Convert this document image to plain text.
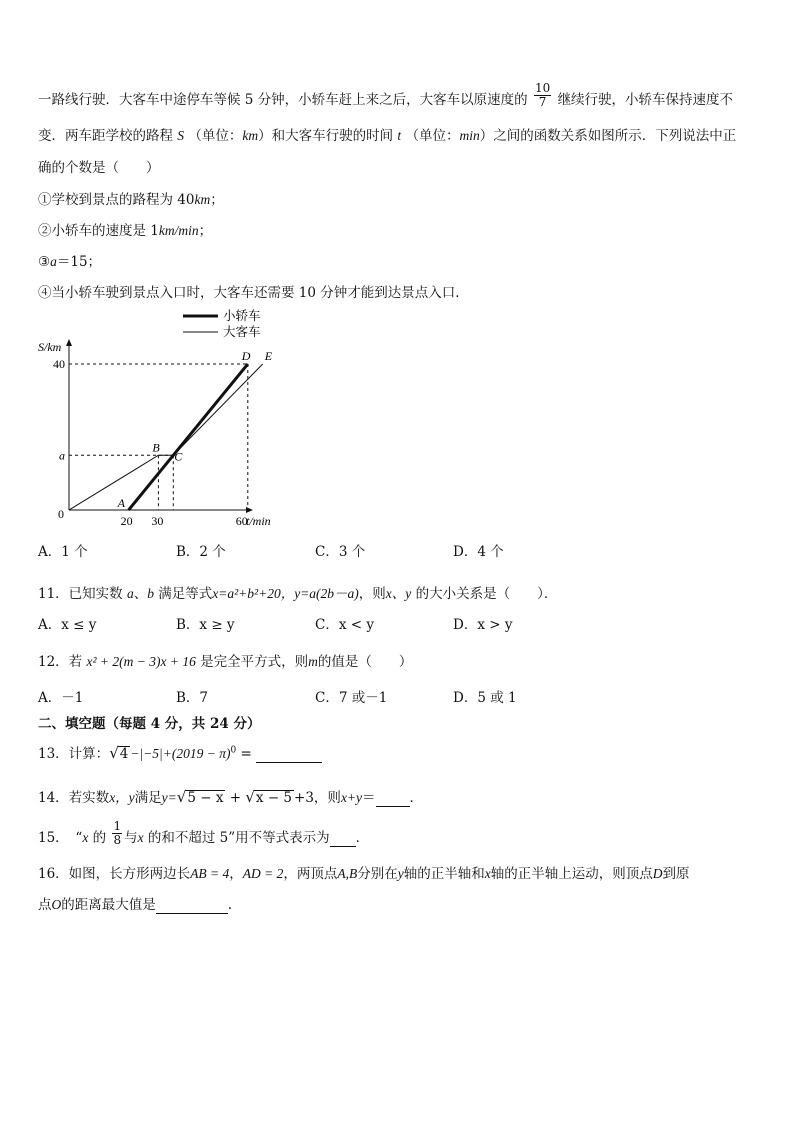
一路线行驶．大客车中途停车等候 5 分钟，小轿车赶上来之后，大客车以原速度的 $\frac{10}{7}$ 继续行驶，小轿车保持速度不
变．两车距学校的路程 S （单位：km）和大客车行驶的时间 t （单位：min）之间的函数关系如图所示．下列说法中正
确的个数是（　　）
①学校到景点的路程为 40km；
②小轿车的速度是 1km/min；
③a＝15；
④当小轿车驶到景点入口时，大客车还需要 10 分钟才能到达景点入口．
小轿车
大客车
S/km
t/min
0	20 30	60
40
a
A
B
C
D E
A．1 个	B．2 个	C．3 个	D．4 个
11．已知实数 a、b 满足等式x=a²+b²+20，y=a(2b－a)，则x、y 的大小关系是（　　）．
A．x ≤ y	B．x ≥ y	C．x < y	D．x > y
12．若 x² + 2(m − 3)x + 16 是完全平方式，则m的值是（　　）
A．－1	B．7	C．7 或－1	D．5 或 1
二、填空题（每题 4 分，共 24 分）
13．计算：$√4 -|-5|+(2019 - \pi)^0$ =
14．若实数x，y满足y=√5 − x + √x − 5 +3，则x+y＝	．
15．　“x 的 $\frac{1}{8}$ 与x 的和不超过 5”用不等式表示为 ．
16．如图，长方形两边长AB = 4，AD = 2，两顶点A,B分别在y轴的正半轴和x轴的正半轴上运动，则顶点D到原
点O的距离最大值是	.
